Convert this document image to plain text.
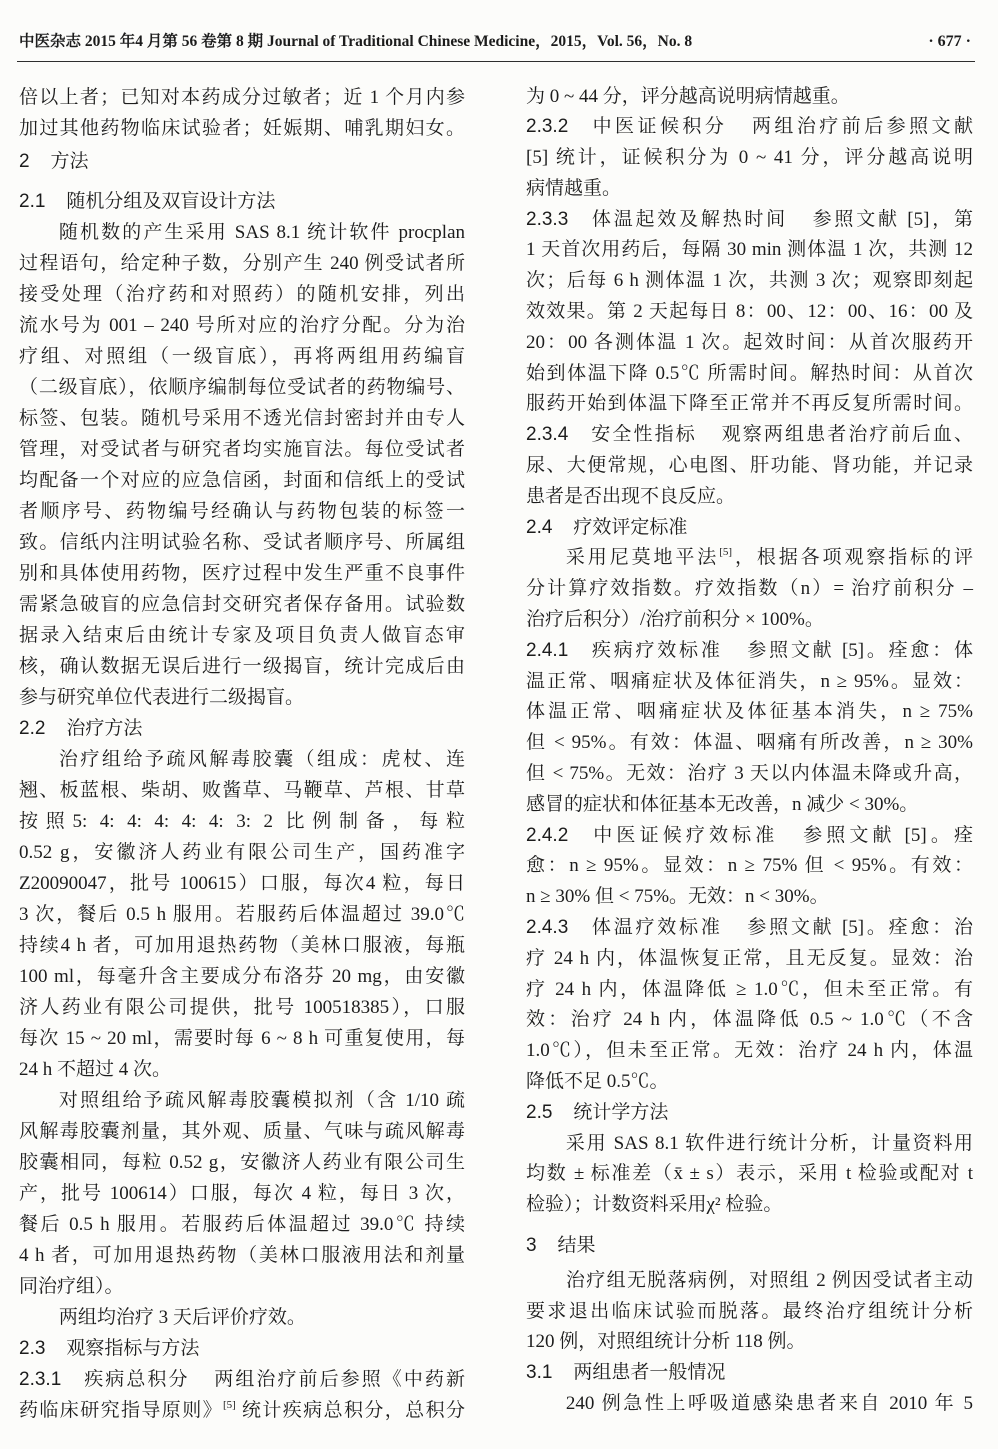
中医杂志 2015 年4 月第 56 卷第 8 期 Journal of Traditional Chinese Medicine，2015，Vol. 56，No. 8	· 677 ·
倍以上者；已知对本药成分过敏者；近 1 个月内参
加过其他药物临床试验者；妊娠期、哺乳期妇女。
2 方法
2.1 随机分组及双盲设计方法
随机数的产生采用 SAS 8.1 统计软件 procplan
过程语句，给定种子数，分别产生 240 例受试者所
接受处理（治疗药和对照药）的随机安排，列出
流水号为 001 – 240 号所对应的治疗分配。分为治
疗组、对照组（一级盲底），再将两组用药编盲
（二级盲底），依顺序编制每位受试者的药物编号、
标签、包装。随机号采用不透光信封密封并由专人
管理，对受试者与研究者均实施盲法。每位受试者
均配备一个对应的应急信函，封面和信纸上的受试
者顺序号、药物编号经确认与药物包装的标签一
致。信纸内注明试验名称、受试者顺序号、所属组
别和具体使用药物，医疗过程中发生严重不良事件
需紧急破盲的应急信封交研究者保存备用。试验数
据录入结束后由统计专家及项目负责人做盲态审
核，确认数据无误后进行一级揭盲，统计完成后由
参与研究单位代表进行二级揭盲。
2.2 治疗方法
治疗组给予疏风解毒胶囊（组成：虎杖、连
翘、板蓝根、柴胡、败酱草、马鞭草、芦根、甘草
按照5: 4: 4: 4: 4: 4: 3: 2 比例制备，每粒
0.52 g，安徽济人药业有限公司生产，国药准字
Z20090047，批号 100615）口服，每次4 粒，每日
3 次，餐后 0.5 h 服用。若服药后体温超过 39.0℃
持续4 h 者，可加用退热药物（美林口服液，每瓶
100 ml，每毫升含主要成分布洛芬 20 mg，由安徽
济人药业有限公司提供，批号 100518385），口服
每次 15 ~ 20 ml，需要时每 6 ~ 8 h 可重复使用，每
24 h 不超过 4 次。
对照组给予疏风解毒胶囊模拟剂（含 1/10 疏
风解毒胶囊剂量，其外观、质量、气味与疏风解毒
胶囊相同，每粒 0.52 g，安徽济人药业有限公司生
产，批号 100614）口服，每次 4 粒，每日 3 次，
餐后 0.5 h 服用。若服药后体温超过 39.0℃ 持续
4 h 者，可加用退热药物（美林口服液用法和剂量
同治疗组）。
两组均治疗 3 天后评价疗效。
2.3 观察指标与方法
2.3.1 疾病总积分 两组治疗前后参照《中药新
药临床研究指导原则》[5] 统计疾病总积分，总积分
为 0 ~ 44 分，评分越高说明病情越重。
2.3.2 中医证候积分 两组治疗前后参照文献
[5] 统计，证候积分为 0 ~ 41 分，评分越高说明
病情越重。
2.3.3 体温起效及解热时间 参照文献 [5]，第
1 天首次用药后，每隔 30 min 测体温 1 次，共测 12
次；后每 6 h 测体温 1 次，共测 3 次；观察即刻起
效效果。第 2 天起每日 8：00、12：00、16：00 及
20：00 各测体温 1 次。起效时间：从首次服药开
始到体温下降 0.5℃ 所需时间。解热时间：从首次
服药开始到体温下降至正常并不再反复所需时间。
2.3.4 安全性指标 观察两组患者治疗前后血、
尿、大便常规，心电图、肝功能、肾功能，并记录
患者是否出现不良反应。
2.4 疗效评定标准
采用尼莫地平法[5]，根据各项观察指标的评
分计算疗效指数。疗效指数（n）= 治疗前积分 –
治疗后积分）/治疗前积分 × 100%。
2.4.1 疾病疗效标准 参照文献 [5]。痊愈：体
温正常、咽痛症状及体征消失，n ≥ 95%。显效：
体温正常、咽痛症状及体征基本消失，n ≥ 75%
但 < 95%。有效：体温、咽痛有所改善，n ≥ 30%
但 < 75%。无效：治疗 3 天以内体温未降或升高，
感冒的症状和体征基本无改善，n 减少 < 30%。
2.4.2 中医证候疗效标准 参照文献 [5]。痊
愈：n ≥ 95%。显效：n ≥ 75% 但 < 95%。有效：
n ≥ 30% 但 < 75%。无效：n < 30%。
2.4.3 体温疗效标准 参照文献 [5]。痊愈：治
疗 24 h 内，体温恢复正常，且无反复。显效：治
疗 24 h 内，体温降低 ≥ 1.0℃，但未至正常。有
效：治疗 24 h 内，体温降低 0.5 ~ 1.0℃（不含
1.0℃），但未至正常。无效：治疗 24 h 内，体温
降低不足 0.5℃。
2.5 统计学方法
采用 SAS 8.1 软件进行统计分析，计量资料用
均数 ± 标准差（x̄ ± s）表示，采用 t 检验或配对 t
检验）；计数资料采用χ² 检验。
3 结果
治疗组无脱落病例，对照组 2 例因受试者主动
要求退出临床试验而脱落。最终治疗组统计分析
120 例，对照组统计分析 118 例。
3.1 两组患者一般情况
240 例急性上呼吸道感染患者来自 2010 年 5
